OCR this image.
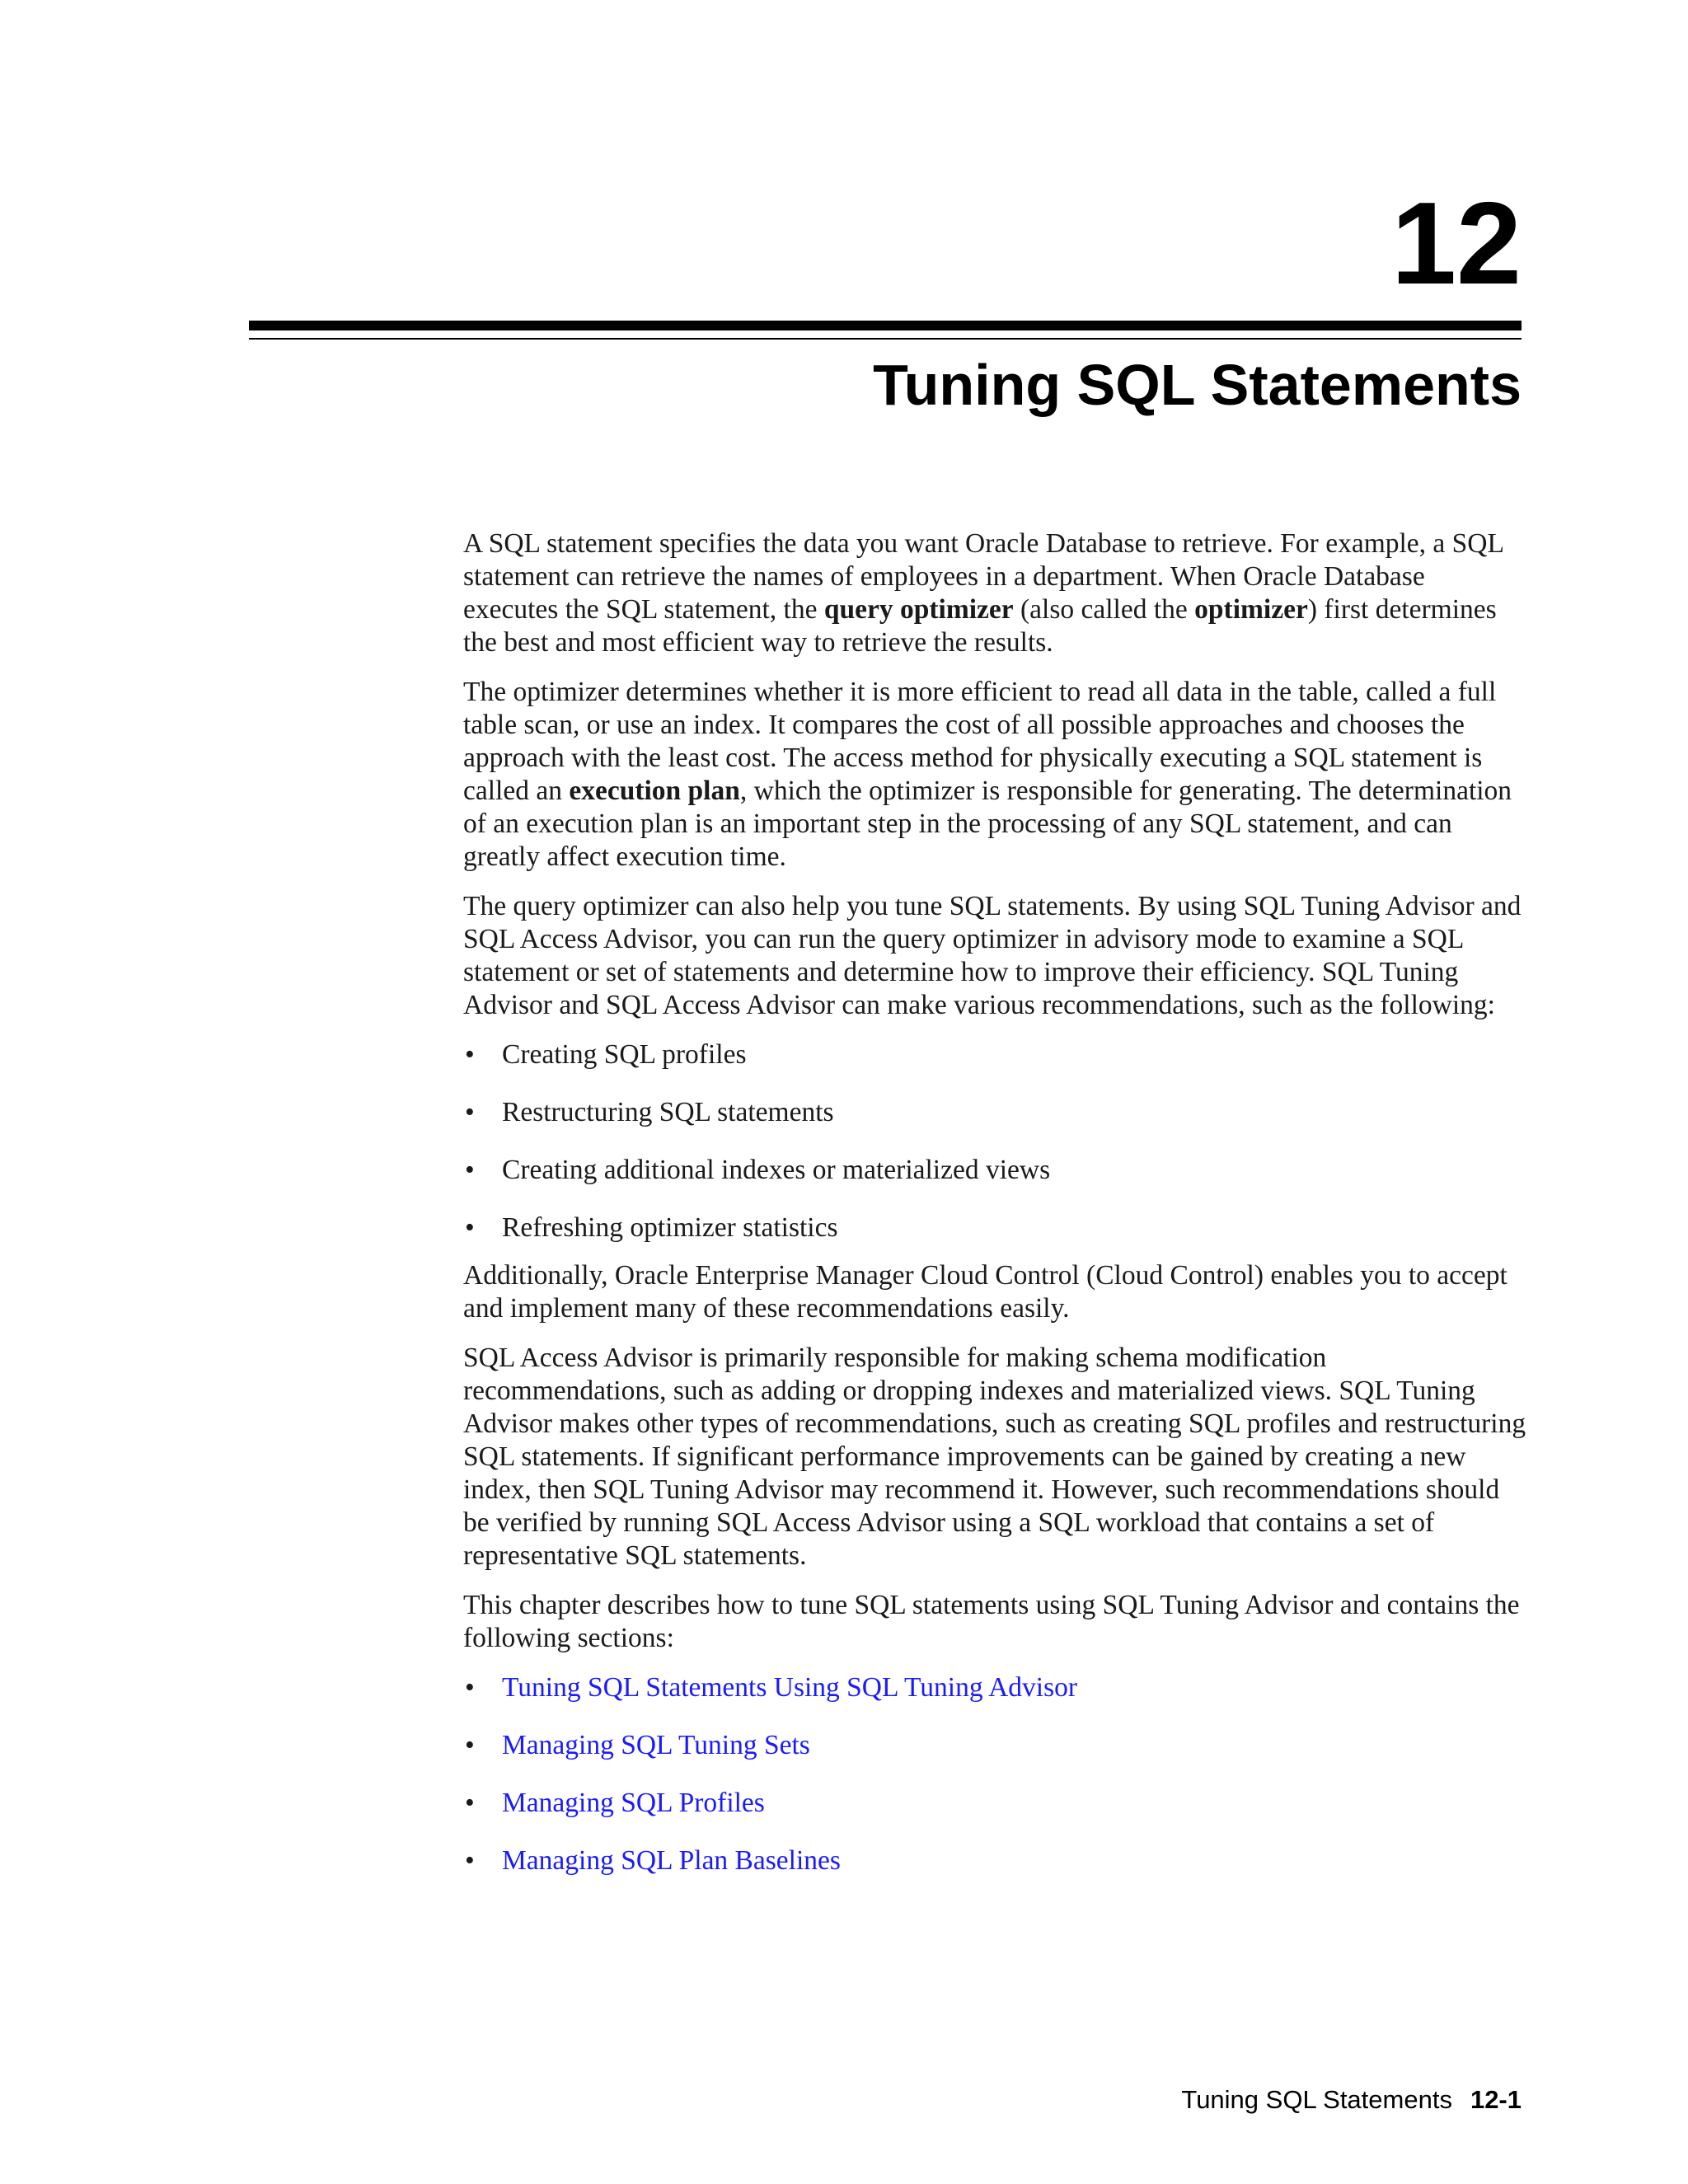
12
Tuning SQL Statements

A SQL statement specifies the data you want Oracle Database to retrieve. For example, a SQL statement can retrieve the names of employees in a department. When Oracle Database executes the SQL statement, the query optimizer (also called the optimizer) first determines the best and most efficient way to retrieve the results.

The optimizer determines whether it is more efficient to read all data in the table, called a full table scan, or use an index. It compares the cost of all possible approaches and chooses the approach with the least cost. The access method for physically executing a SQL statement is called an execution plan, which the optimizer is responsible for generating. The determination of an execution plan is an important step in the processing of any SQL statement, and can greatly affect execution time.

The query optimizer can also help you tune SQL statements. By using SQL Tuning Advisor and SQL Access Advisor, you can run the query optimizer in advisory mode to examine a SQL statement or set of statements and determine how to improve their efficiency. SQL Tuning Advisor and SQL Access Advisor can make various recommendations, such as the following:

• Creating SQL profiles
• Restructuring SQL statements
• Creating additional indexes or materialized views
• Refreshing optimizer statistics

Additionally, Oracle Enterprise Manager Cloud Control (Cloud Control) enables you to accept and implement many of these recommendations easily.

SQL Access Advisor is primarily responsible for making schema modification recommendations, such as adding or dropping indexes and materialized views. SQL Tuning Advisor makes other types of recommendations, such as creating SQL profiles and restructuring SQL statements. If significant performance improvements can be gained by creating a new index, then SQL Tuning Advisor may recommend it. However, such recommendations should be verified by running SQL Access Advisor using a SQL workload that contains a set of representative SQL statements.

This chapter describes how to tune SQL statements using SQL Tuning Advisor and contains the following sections:

• Tuning SQL Statements Using SQL Tuning Advisor
• Managing SQL Tuning Sets
• Managing SQL Profiles
• Managing SQL Plan Baselines
Tuning SQL Statements 12-1
